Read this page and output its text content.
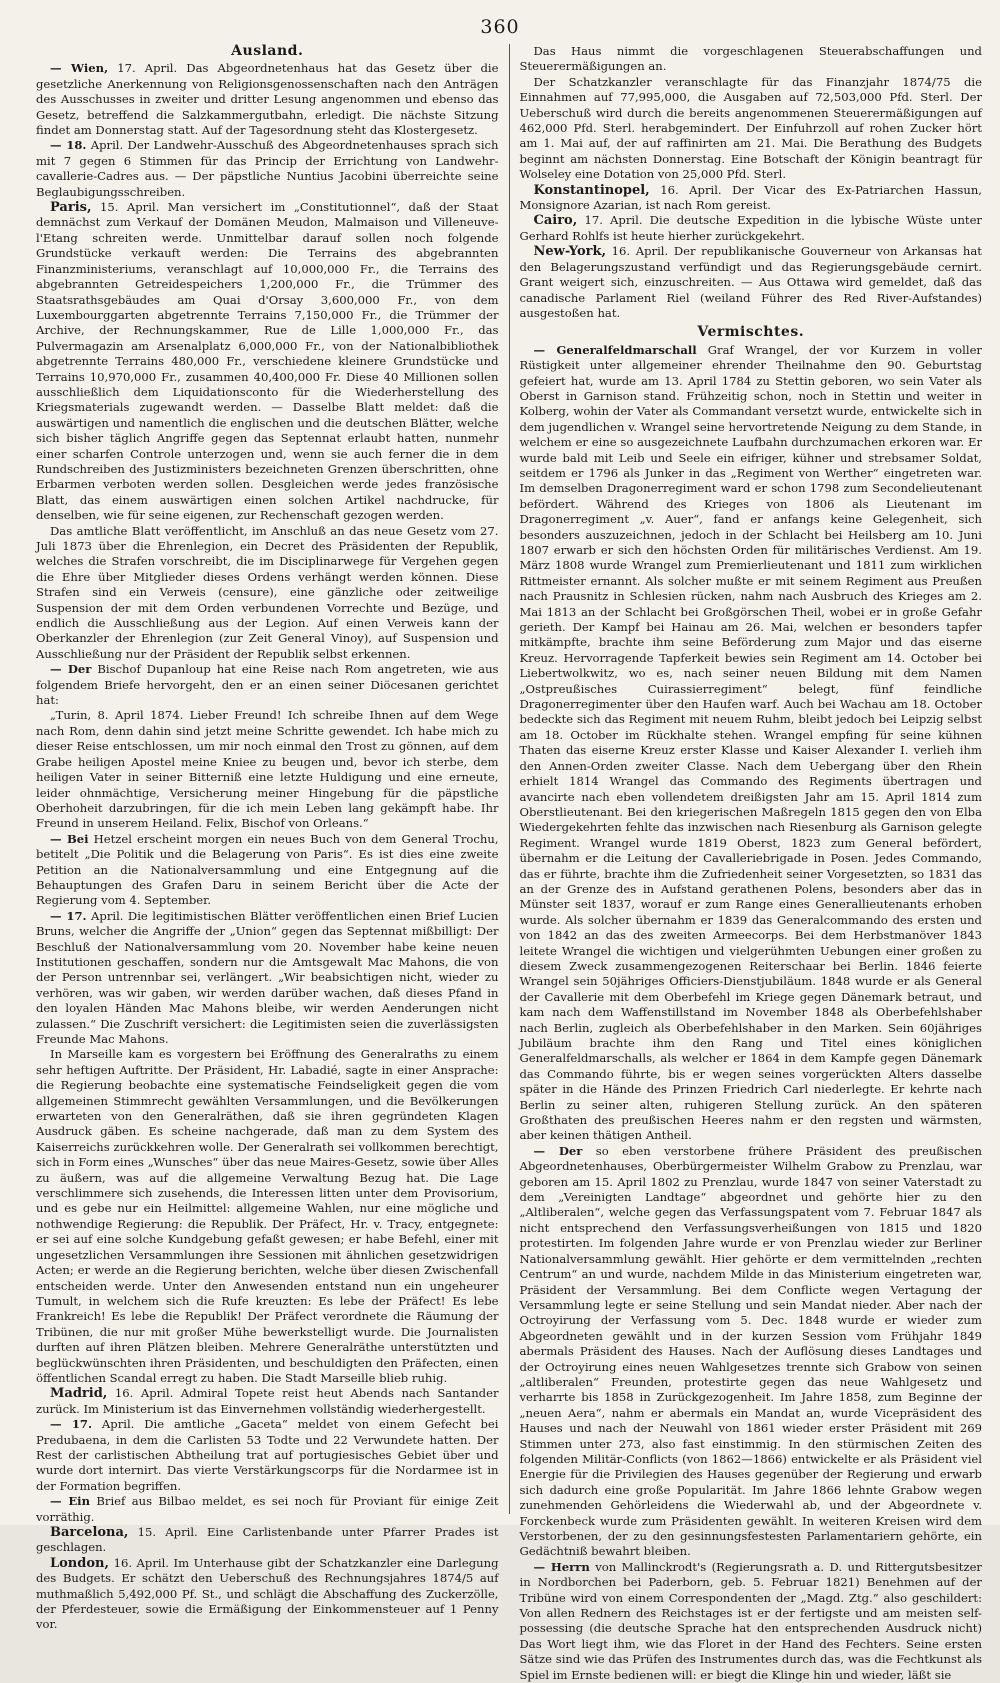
360
Ausland.

— Wien, 17. April. Das Abgeordnetenhaus hat das Gesetz über die gesetzliche Anerkennung von Religionsgenossenschaften nach den Anträgen des Ausschusses in zweiter und dritter Lesung angenommen und ebenso das Gesetz, betreffend die Salzkammergutbahn, erledigt. Die nächste Sitzung findet am Donnerstag statt. Auf der Tagesordnung steht das Klostergesetz.

— 18. April. Der Landwehr-Ausschuß des Abgeordnetenhauses sprach sich mit 7 gegen 6 Stimmen für das Princip der Errichtung von Landwehr-cavallerie-Cadres aus. — Der päpstliche Nuntius Jacobini überreichte seine Beglaubigungsschreiben.

Paris, 15. April. Man versichert im „Constitutionnel“, daß der Staat demnächst zum Verkauf der Domänen Meudon, Malmaison und Villeneuve-l'Etang schreiten werde. Unmittelbar darauf sollen noch folgende Grundstücke verkauft werden: Die Terrains des abgebrannten Finanzministeriums, veranschlagt auf 10,000,000 Fr., die Terrains des abgebrannten Getreidespeichers 1,200,000 Fr., die Trümmer des Staatsrathsgebäudes am Quai d'Orsay 3,600,000 Fr., von dem Luxembourggarten abgetrennte Terrains 7,150,000 Fr., die Trümmer der Archive, der Rechnungskammer, Rue de Lille 1,000,000 Fr., das Pulvermagazin am Arsenalplatz 6,000,000 Fr., von der Nationalbibliothek abgetrennte Terrains 480,000 Fr., verschiedene kleinere Grundstücke und Terrains 10,970,000 Fr., zusammen 40,400,000 Fr. Diese 40 Millionen sollen ausschließlich dem Liquidationsconto für die Wiederherstellung des Kriegsmaterials zugewandt werden. — Dasselbe Blatt meldet: daß die auswärtigen und namentlich die englischen und die deutschen Blätter, welche sich bisher täglich Angriffe gegen das Septennat erlaubt hatten, nunmehr einer scharfen Controle unterzogen und, wenn sie auch ferner die in dem Rundschreiben des Justizministers bezeichneten Grenzen überschritten, ohne Erbarmen verboten werden sollen. Desgleichen werde jedes französische Blatt, das einem auswärtigen einen solchen Artikel nachdrucke, für denselben, wie für seine eigenen, zur Rechenschaft gezogen werden.

Das amtliche Blatt veröffentlicht, im Anschluß an das neue Gesetz vom 27. Juli 1873 über die Ehrenlegion, ein Decret des Präsidenten der Republik, welches die Strafen vorschreibt, die im Disciplinarwege für Vergehen gegen die Ehre über Mitglieder dieses Ordens verhängt werden können. Diese Strafen sind ein Verweis (censure), eine gänzliche oder zeitweilige Suspension der mit dem Orden verbundenen Vorrechte und Bezüge, und endlich die Ausschließung aus der Legion. Auf einen Verweis kann der Oberkanzler der Ehrenlegion (zur Zeit General Vinoy), auf Suspension und Ausschließung nur der Präsident der Republik selbst erkennen.

— Der Bischof Dupanloup hat eine Reise nach Rom angetreten, wie aus folgendem Briefe hervorgeht, den er an einen seiner Diöcesanen gerichtet hat:

„Turin, 8. April 1874. Lieber Freund! Ich schreibe Ihnen auf dem Wege nach Rom, denn dahin sind jetzt meine Schritte gewendet. Ich habe mich zu dieser Reise entschlossen, um mir noch einmal den Trost zu gönnen, auf dem Grabe heiligen Apostel meine Kniee zu beugen und, bevor ich sterbe, dem heiligen Vater in seiner Bitterniß eine letzte Huldigung und eine erneute, leider ohnmächtige, Versicherung meiner Hingebung für die päpstliche Oberhoheit darzubringen, für die ich mein Leben lang gekämpft habe. Ihr Freund in unserem Heiland. Felix, Bischof von Orleans.“

— Bei Hetzel erscheint morgen ein neues Buch von dem General Trochu, betitelt „Die Politik und die Belagerung von Paris“. Es ist dies eine zweite Petition an die Nationalversammlung und eine Entgegnung auf die Behauptungen des Grafen Daru in seinem Bericht über die Acte der Regierung vom 4. September.

— 17. April. Die legitimistischen Blätter veröffentlichen einen Brief Lucien Bruns, welcher die Angriffe der „Union“ gegen das Septennat mißbilligt: Der Beschluß der Nationalversammlung vom 20. November habe keine neuen Institutionen geschaffen, sondern nur die Amtsgewalt Mac Mahons, die von der Person untrennbar sei, verlängert. „Wir beabsichtigen nicht, wieder zu verhören, was wir gaben, wir werden darüber wachen, daß dieses Pfand in den loyalen Händen Mac Mahons bleibe, wir werden Aenderungen nicht zulassen.“ Die Zuschrift versichert: die Legitimisten seien die zuverlässigsten Freunde Mac Mahons.

In Marseille kam es vorgestern bei Eröffnung des Generalraths zu einem sehr heftigen Auftritte. Der Präsident, Hr. Labadié, sagte in einer Ansprache: die Regierung beobachte eine systematische Feindseligkeit gegen die vom allgemeinen Stimmrecht gewählten Versammlungen, und die Bevölkerungen erwarteten von den Generalräthen, daß sie ihren gegründeten Klagen Ausdruck gäben. Es scheine nachgerade, daß man zu dem System des Kaiserreichs zurückkehren wolle. Der Generalrath sei vollkommen berechtigt, sich in Form eines „Wunsches“ über das neue Maires-Gesetz, sowie über Alles zu äußern, was auf die allgemeine Verwaltung Bezug hat. Die Lage verschlimmere sich zusehends, die Interessen litten unter dem Provisorium, und es gebe nur ein Heilmittel: allgemeine Wahlen, nur eine mögliche und nothwendige Regierung: die Republik. Der Präfect, Hr. v. Tracy, entgegnete: er sei auf eine solche Kundgebung gefaßt gewesen; er habe Befehl, einer mit ungesetzlichen Versammlungen ihre Sessionen mit ähnlichen gesetzwidrigen Acten; er werde an die Regierung berichten, welche über diesen Zwischenfall entscheiden werde. Unter den Anwesenden entstand nun ein ungeheurer Tumult, in welchem sich die Rufe kreuzten: Es lebe der Präfect! Es lebe Frankreich! Es lebe die Republik! Der Präfect verordnete die Räumung der Tribünen, die nur mit großer Mühe bewerkstelligt wurde. Die Journalisten durften auf ihren Plätzen bleiben. Mehrere Generalräthe unterstützten und beglückwünschten ihren Präsidenten, und beschuldigten den Präfecten, einen öffentlichen Scandal erregt zu haben. Die Stadt Marseille blieb ruhig.

Madrid, 16. April. Admiral Topete reist heut Abends nach Santander zurück. Im Ministerium ist das Einvernehmen vollständig wiederhergestellt.

— 17. April. Die amtliche „Gaceta“ meldet von einem Gefecht bei Predubaena, in dem die Carlisten 53 Todte und 22 Verwundete hatten. Der Rest der carlistischen Abtheilung trat auf portugiesisches Gebiet über und wurde dort internirt. Das vierte Verstärkungscorps für die Nordarmee ist in der Formation begriffen.

— Ein Brief aus Bilbao meldet, es sei noch für Proviant für einige Zeit vorräthig.

Barcelona, 15. April. Eine Carlistenbande unter Pfarrer Prades ist geschlagen.

London, 16. April. Im Unterhause gibt der Schatzkanzler eine Darlegung des Budgets. Er schätzt den Ueberschuß des Rechnungsjahres 1874/5 auf muthmaßlich 5,492,000 Pf. St., und schlägt die Abschaffung des Zuckerzölle, der Pferdesteuer, sowie die Ermäßigung der Einkommensteuer auf 1 Penny vor.

Das Haus nimmt die vorgeschlagenen Steuerabschaffungen und Steuerermäßigungen an.

Der Schatzkanzler veranschlagte für das Finanzjahr 1874/75 die Einnahmen auf 77,995,000, die Ausgaben auf 72,503,000 Pfd. Sterl. Der Ueberschuß wird durch die bereits angenommenen Steuerermäßigungen auf 462,000 Pfd. Sterl. herabgemindert. Der Einfuhrzoll auf rohen Zucker hört am 1. Mai auf, der auf raffinirten am 21. Mai. Die Berathung des Budgets beginnt am nächsten Donnerstag. Eine Botschaft der Königin beantragt für Wolseley eine Dotation von 25,000 Pfd. Sterl.

Konstantinopel, 16. April. Der Vicar des Ex-Patriarchen Hassun, Monsignore Azarian, ist nach Rom gereist.

Cairo, 17. April. Die deutsche Expedition in die lybische Wüste unter Gerhard Rohlfs ist heute hierher zurückgekehrt.

New-York, 16. April. Der republikanische Gouverneur von Arkansas hat den Belagerungszustand verfündigt und das Regierungsgebäude cernirt. Grant weigert sich, einzuschreiten. — Aus Ottawa wird gemeldet, daß das canadische Parlament Riel (weiland Führer des Red River-Aufstandes) ausgestoßen hat.

Vermischtes.

— Generalfeldmarschall Graf Wrangel, der vor Kurzem in voller Rüstigkeit unter allgemeiner ehrender Theilnahme den 90. Geburtstag gefeiert hat, wurde am 13. April 1784 zu Stettin geboren, wo sein Vater als Oberst in Garnison stand. Frühzeitig schon, noch in Stettin und weiter in Kolberg, wohin der Vater als Commandant versetzt wurde, entwickelte sich in dem jugendlichen v. Wrangel seine hervortretende Neigung zu dem Stande, in welchem er eine so ausgezeichnete Laufbahn durchzumachen erkoren war. Er wurde bald mit Leib und Seele ein eifriger, kühner und strebsamer Soldat, seitdem er 1796 als Junker in das „Regiment von Werther“ eingetreten war. Im demselben Dragonerregiment ward er schon 1798 zum Secondelieutenant befördert. Während des Krieges von 1806 als Lieutenant im Dragonerregiment „v. Auer“, fand er anfangs keine Gelegenheit, sich besonders auszuzeichnen, jedoch in der Schlacht bei Heilsberg am 10. Juni 1807 erwarb er sich den höchsten Orden für militärisches Verdienst. Am 19. März 1808 wurde Wrangel zum Premierlieutenant und 1811 zum wirklichen Rittmeister ernannt. Als solcher mußte er mit seinem Regiment aus Preußen nach Prausnitz in Schlesien rücken, nahm nach Ausbruch des Krieges am 2. Mai 1813 an der Schlacht bei Großgörschen Theil, wobei er in große Gefahr gerieth. Der Kampf bei Hainau am 26. Mai, welchen er besonders tapfer mitkämpfte, brachte ihm seine Beförderung zum Major und das eiserne Kreuz. Hervorragende Tapferkeit bewies sein Regiment am 14. October bei Liebertwolkwitz, wo es, nach seiner neuen Bildung mit dem Namen „Ostpreußisches Cuirassierregiment“ belegt, fünf feindliche Dragonerregimenter über den Haufen warf. Auch bei Wachau am 18. October bedeckte sich das Regiment mit neuem Ruhm, bleibt jedoch bei Leipzig selbst am 18. October im Rückhalte stehen. Wrangel empfing für seine kühnen Thaten das eiserne Kreuz erster Klasse und Kaiser Alexander I. verlieh ihm den Annen-Orden zweiter Classe. Nach dem Uebergang über den Rhein erhielt 1814 Wrangel das Commando des Regiments übertragen und avancirte nach eben vollendetem dreißigsten Jahr am 15. April 1814 zum Oberstlieutenant. Bei den kriegerischen Maßregeln 1815 gegen den von Elba Wiedergekehrten fehlte das inzwischen nach Riesenburg als Garnison gelegte Regiment. Wrangel wurde 1819 Oberst, 1823 zum General befördert, übernahm er die Leitung der Cavalleriebrigade in Posen. Jedes Commando, das er führte, brachte ihm die Zufriedenheit seiner Vorgesetzten, so 1831 das an der Grenze des in Aufstand gerathenen Polens, besonders aber das in Münster seit 1837, worauf er zum Range eines Generallieutenants erhoben wurde. Als solcher übernahm er 1839 das Generalcommando des ersten und von 1842 an das des zweiten Armeecorps. Bei dem Herbstmanöver 1843 leitete Wrangel die wichtigen und vielgerühmten Uebungen einer großen zu diesem Zweck zusammengezogenen Reiterschaar bei Berlin. 1846 feierte Wrangel sein 50jähriges Officiers-Dienstjubiläum. 1848 wurde er als General der Cavallerie mit dem Oberbefehl im Kriege gegen Dänemark betraut, und kam nach dem Waffenstillstand im November 1848 als Oberbefehlshaber nach Berlin, zugleich als Oberbefehlshaber in den Marken. Sein 60jähriges Jubiläum brachte ihm den Rang und Titel eines königlichen Generalfeldmarschalls, als welcher er 1864 in dem Kampfe gegen Dänemark das Commando führte, bis er wegen seines vorgerückten Alters dasselbe später in die Hände des Prinzen Friedrich Carl niederlegte. Er kehrte nach Berlin zu seiner alten, ruhigeren Stellung zurück. An den späteren Großthaten des preußischen Heeres nahm er den regsten und wärmsten, aber keinen thätigen Antheil.

— Der so eben verstorbene frühere Präsident des preußischen Abgeordnetenhauses, Oberbürgermeister Wilhelm Grabow zu Prenzlau, war geboren am 15. April 1802 zu Prenzlau, wurde 1847 von seiner Vaterstadt zu dem „Vereinigten Landtage“ abgeordnet und gehörte hier zu den „Altliberalen“, welche gegen das Verfassungspatent vom 7. Februar 1847 als nicht entsprechend den Verfassungsverheißungen von 1815 und 1820 protestirten. Im folgenden Jahre wurde er von Prenzlau wieder zur Berliner Nationalversammlung gewählt. Hier gehörte er dem vermittelnden „rechten Centrum“ an und wurde, nachdem Milde in das Ministerium eingetreten war, Präsident der Versammlung. Bei dem Conflicte wegen Vertagung der Versammlung legte er seine Stellung und sein Mandat nieder. Aber nach der Octroyirung der Verfassung vom 5. Dec. 1848 wurde er wieder zum Abgeordneten gewählt und in der kurzen Session vom Frühjahr 1849 abermals Präsident des Hauses. Nach der Auflösung dieses Landtages und der Octroyirung eines neuen Wahlgesetzes trennte sich Grabow von seinen „altliberalen“ Freunden, protestirte gegen das neue Wahlgesetz und verharrte bis 1858 in Zurückgezogenheit. Im Jahre 1858, zum Beginne der „neuen Aera“, nahm er abermals ein Mandat an, wurde Vicepräsident des Hauses und nach der Neuwahl von 1861 wieder erster Präsident mit 269 Stimmen unter 273, also fast einstimmig. In den stürmischen Zeiten des folgenden Militär-Conflicts (von 1862—1866) entwickelte er als Präsident viel Energie für die Privilegien des Hauses gegenüber der Regierung und erwarb sich dadurch eine große Popularität. Im Jahre 1866 lehnte Grabow wegen zunehmenden Gehörleidens die Wiederwahl ab, und der Abgeordnete v. Forckenbeck wurde zum Präsidenten gewählt. In weiteren Kreisen wird dem Verstorbenen, der zu den gesinnungsfestesten Parlamentariern gehörte, ein Gedächtniß bewahrt bleiben.

— Herrn von Mallinckrodt's (Regierungsrath a. D. und Rittergutsbesitzer in Nordborchen bei Paderborn, geb. 5. Februar 1821) Benehmen auf der Tribüne wird von einem Correspondenten der „Magd. Ztg.“ also geschildert: Von allen Rednern des Reichstages ist er der fertigste und am meisten self-possessing (die deutsche Sprache hat den entsprechenden Ausdruck nicht) Das Wort liegt ihm, wie das Floret in der Hand des Fechters. Seine ersten Sätze sind wie das Prüfen des Instrumentes durch das, was die Fechtkunst als Spiel im Ernste bedienen will: er biegt die Klinge hin und wieder, läßt sie
